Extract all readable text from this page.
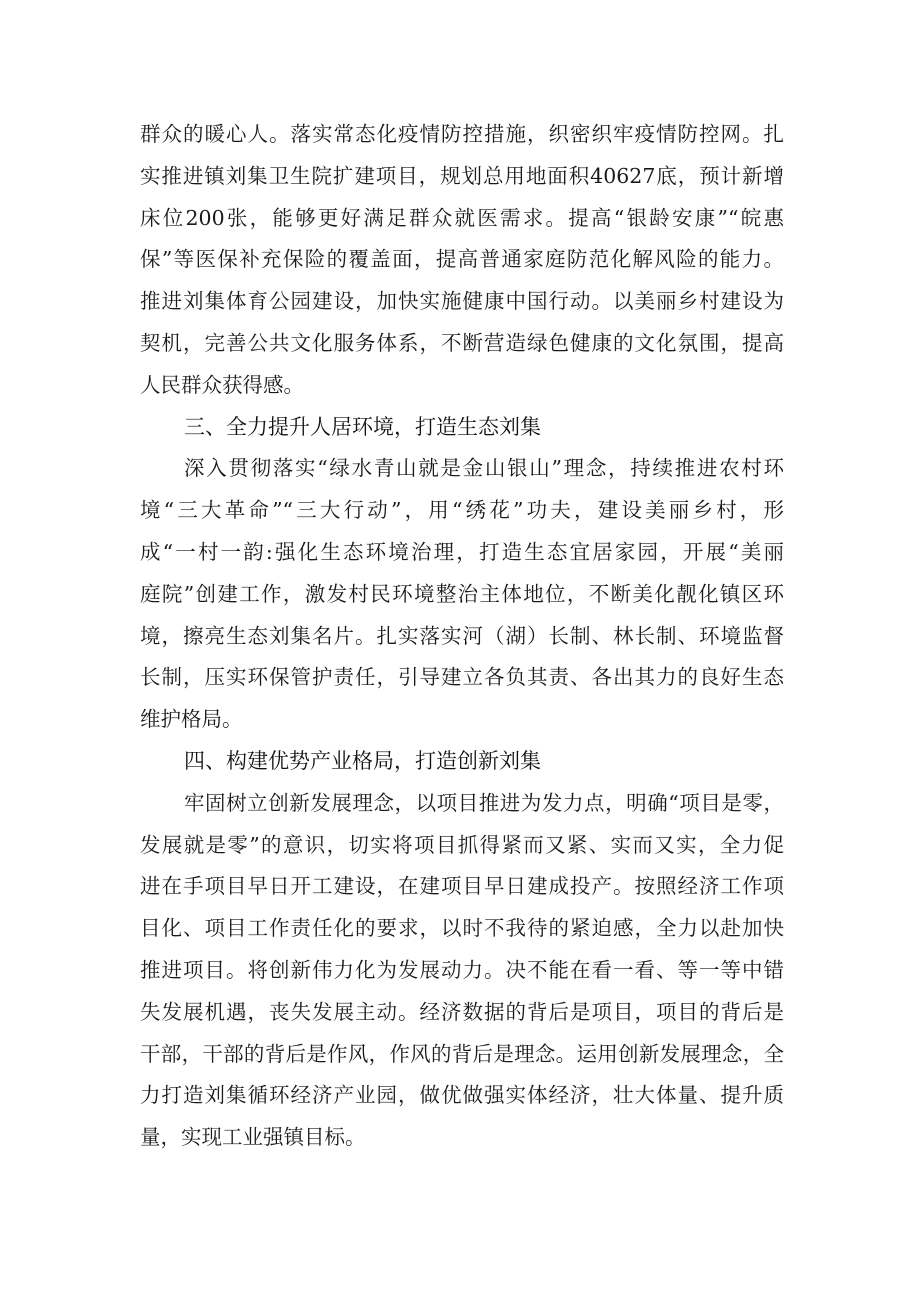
群众的暖心人。落实常态化疫情防控措施，织密织牢疫情防控网。扎
实推进镇刘集卫生院扩建项目，规划总用地面积40627底，预计新增
床位200张，能够更好满足群众就医需求。提高“银龄安康”“皖惠
保”等医保补充保险的覆盖面，提高普通家庭防范化解风险的能力。
推进刘集体育公园建设，加快实施健康中国行动。以美丽乡村建设为
契机，完善公共文化服务体系，不断营造绿色健康的文化氛围，提高
人民群众获得感。
三、全力提升人居环境，打造生态刘集
深入贯彻落实“绿水青山就是金山银山”理念，持续推进农村环
境“三大革命”“三大行动”，用“绣花”功夫，建设美丽乡村，形
成“一村一韵:强化生态环境治理，打造生态宜居家园，开展“美丽
庭院”创建工作，激发村民环境整治主体地位，不断美化靓化镇区环
境，擦亮生态刘集名片。扎实落实河（湖）长制、林长制、环境监督
长制，压实环保管护责任，引导建立各负其责、各出其力的良好生态
维护格局。
四、构建优势产业格局，打造创新刘集
牢固树立创新发展理念，以项目推进为发力点，明确“项目是零，
发展就是零”的意识，切实将项目抓得紧而又紧、实而又实，全力促
进在手项目早日开工建设，在建项目早日建成投产。按照经济工作项
目化、项目工作责任化的要求，以时不我待的紧迫感，全力以赴加快
推进项目。将创新伟力化为发展动力。决不能在看一看、等一等中错
失发展机遇，丧失发展主动。经济数据的背后是项目，项目的背后是
干部，干部的背后是作风，作风的背后是理念。运用创新发展理念，全
力打造刘集循环经济产业园，做优做强实体经济，壮大体量、提升质
量，实现工业强镇目标。
